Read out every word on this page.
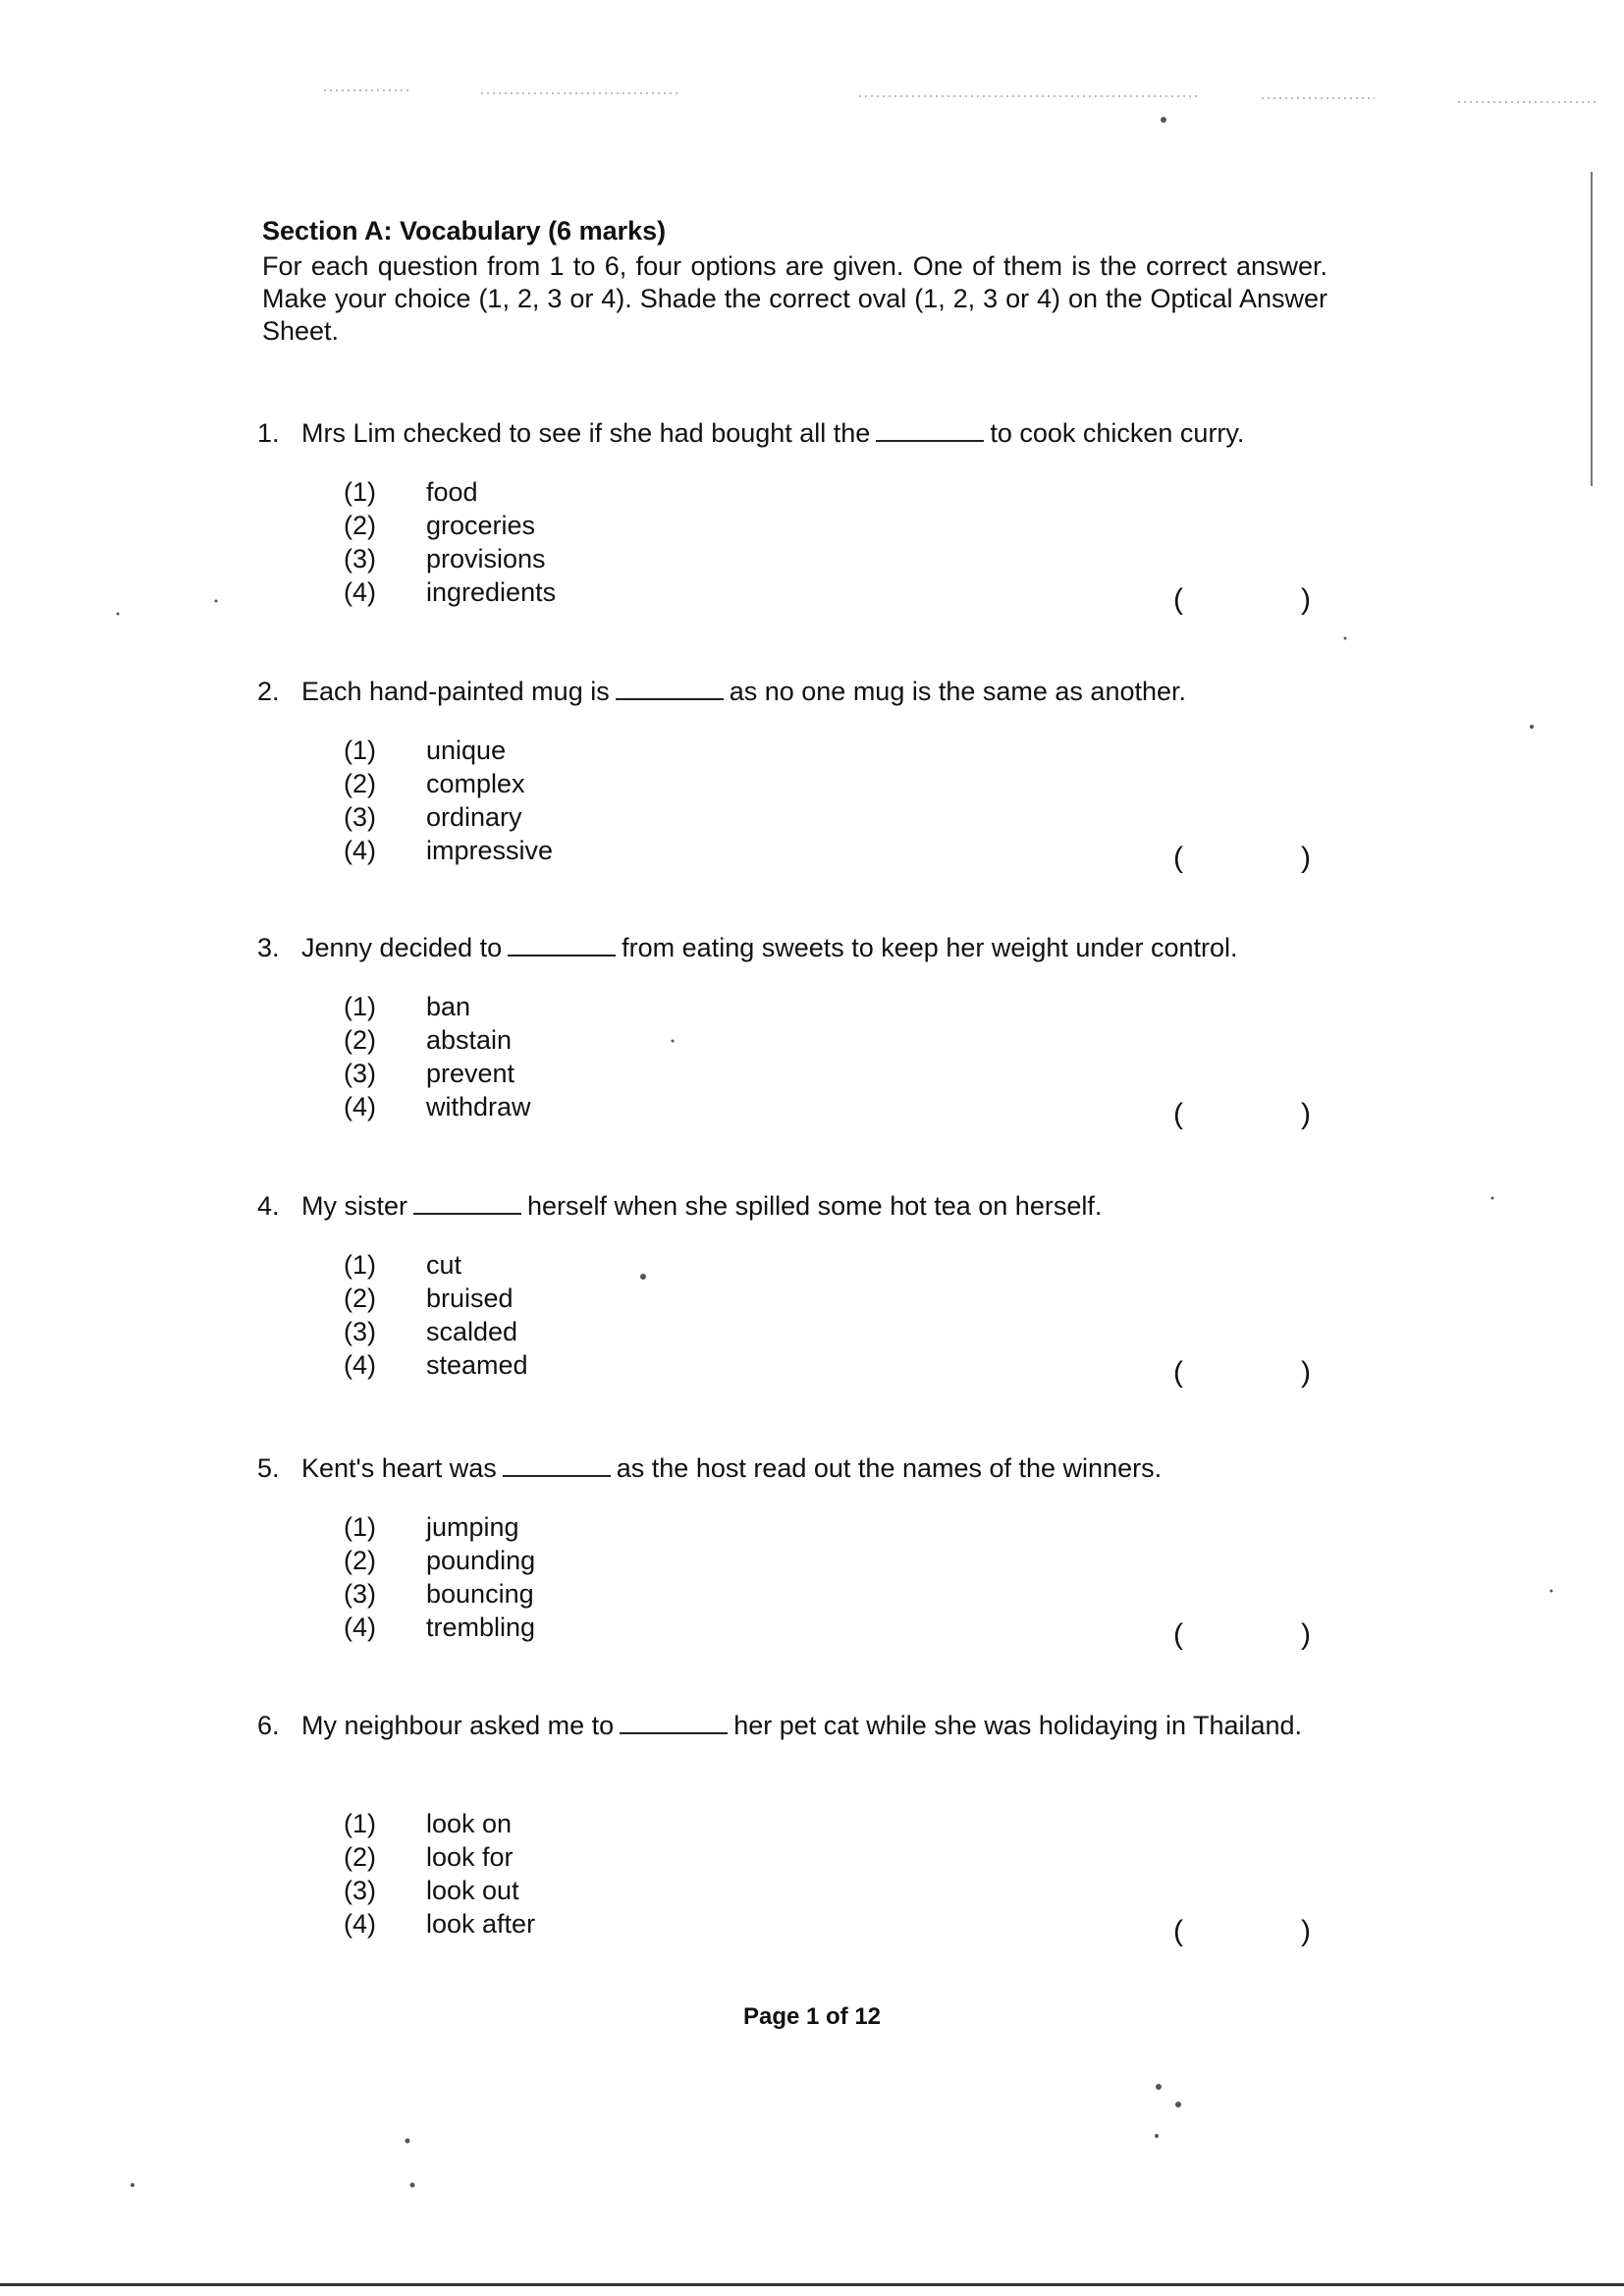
Section A: Vocabulary (6 marks)

For each question from 1 to 6, four options are given. One of them is the correct answer. Make your choice (1, 2, 3 or 4). Shade the correct oval (1, 2, 3 or 4) on the Optical Answer Sheet.

1. Mrs Lim checked to see if she had bought all the	to cook chicken curry.
(1)	food
(2)	groceries
(3)	provisions
(4)	ingredients	(	)
2. Each hand-painted mug is	as no one mug is the same as another.
(1)	unique
(2)	complex
(3)	ordinary
(4)	impressive	(	)
3. Jenny decided to	from eating sweets to keep her weight under control.
(1)	ban
(2)	abstain
(3)	prevent
(4)	withdraw	(	)
4. My sister	herself when she spilled some hot tea on herself.
(1)	cut
(2)	bruised
(3)	scalded
(4)	steamed	(	)
5. Kent's heart was	as the host read out the names of the winners.
(1)	jumping
(2)	pounding
(3)	bouncing
(4)	trembling	(	)
6. My neighbour asked me to	her pet cat while she was holidaying in Thailand.
(1)	look on
(2)	look for
(3)	look out
(4)	look after	(	)
Page 1 of 12
